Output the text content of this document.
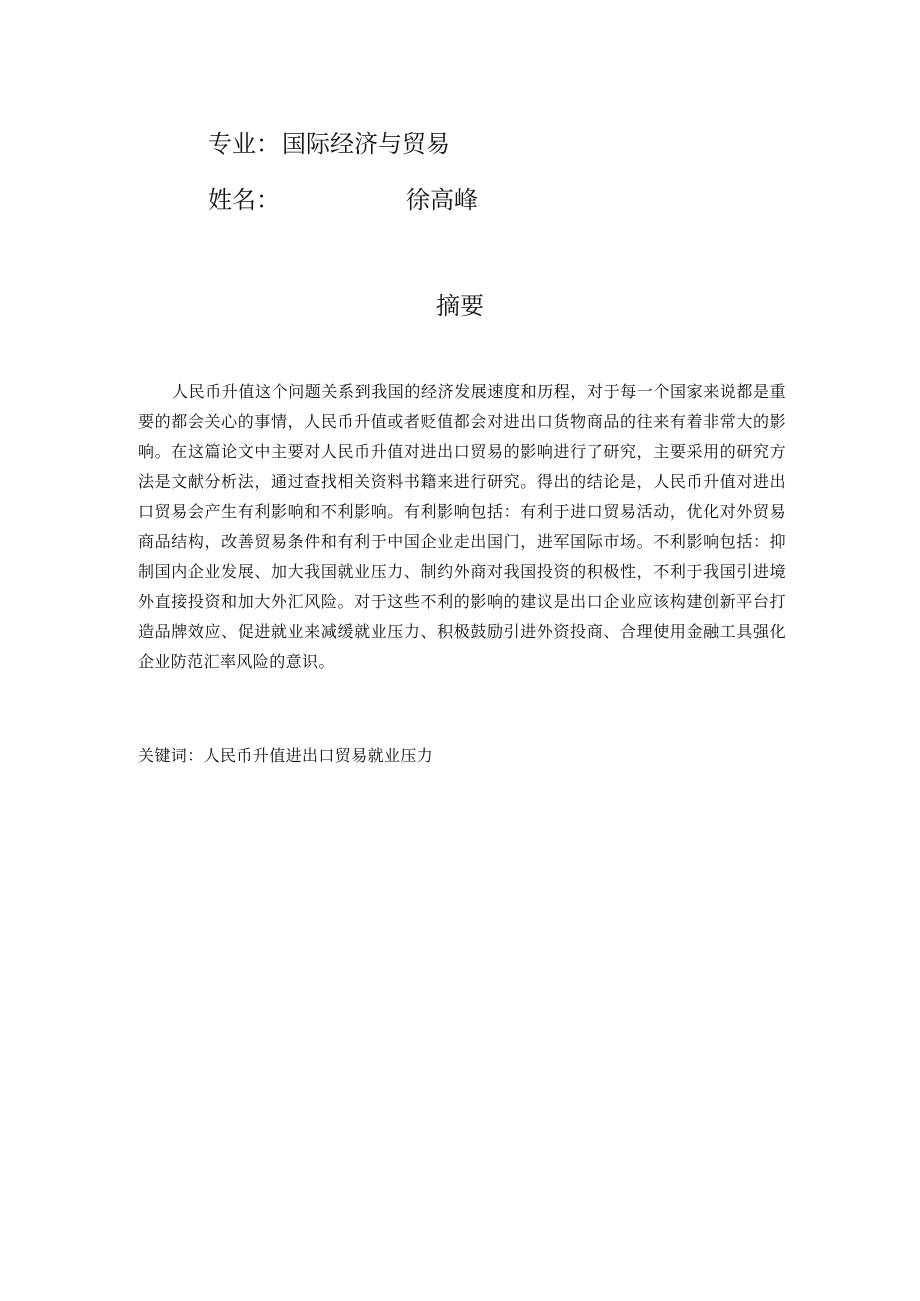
专业：国际经济与贸易
姓名：	徐高峰
摘要

人民币升值这个问题关系到我国的经济发展速度和历程，对于每一个国家来说都是重要的都会关心的事情，人民币升值或者贬值都会对进出口货物商品的往来有着非常大的影响。在这篇论文中主要对人民币升值对进出口贸易的影响进行了研究，主要采用的研究方法是文献分析法，通过查找相关资料书籍来进行研究。得出的结论是，人民币升值对进出口贸易会产生有利影响和不利影响。有利影响包括：有利于进口贸易活动，优化对外贸易商品结构，改善贸易条件和有利于中国企业走出国门，进军国际市场。不利影响包括：抑制国内企业发展、加大我国就业压力、制约外商对我国投资的积极性，不利于我国引进境外直接投资和加大外汇风险。对于这些不利的影响的建议是出口企业应该构建创新平台打造品牌效应、促进就业来减缓就业压力、积极鼓励引进外资投商、合理使用金融工具强化企业防范汇率风险的意识。

关键词：人民币升值进出口贸易就业压力
